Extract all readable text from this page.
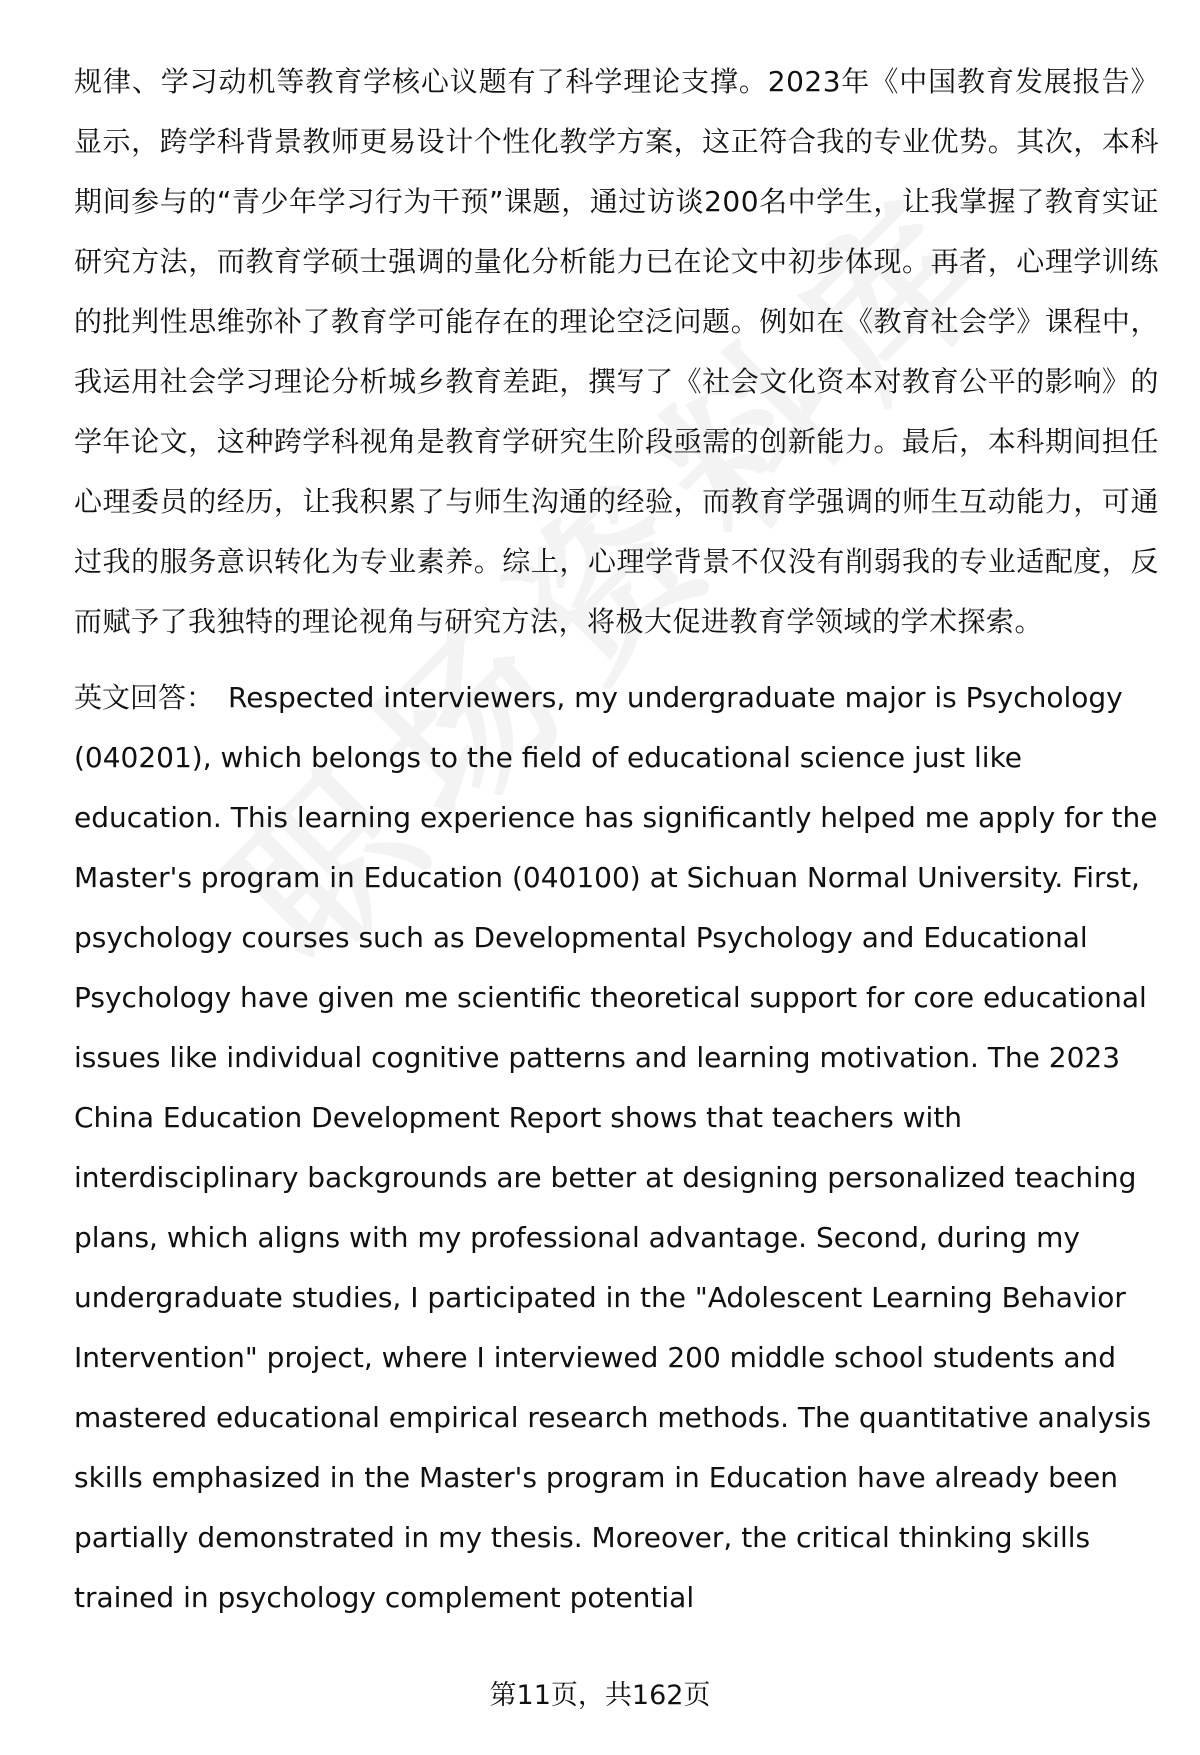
规律、学习动机等教育学核心议题有了科学理论支撑。2023年《中国教育发展报告》显示，跨学科背景教师更易设计个性化教学方案，这正符合我的专业优势。其次，本科期间参与的“青少年学习行为干预”课题，通过访谈200名中学生，让我掌握了教育实证研究方法，而教育学硕士强调的量化分析能力已在论文中初步体现。再者，心理学训练的批判性思维弥补了教育学可能存在的理论空泛问题。例如在《教育社会学》课程中，我运用社会学习理论分析城乡教育差距，撰写了《社会文化资本对教育公平的影响》的学年论文，这种跨学科视角是教育学研究生阶段亟需的创新能力。最后，本科期间担任心理委员的经历，让我积累了与师生沟通的经验，而教育学强调的师生互动能力，可通过我的服务意识转化为专业素养。综上，心理学背景不仅没有削弱我的专业适配度，反而赋予了我独特的理论视角与研究方法，将极大促进教育学领域的学术探索。

英文回答： Respected interviewers, my undergraduate major is Psychology (040201), which belongs to the field of educational science just like education. This learning experience has significantly helped me apply for the Master's program in Education (040100) at Sichuan Normal University. First, psychology courses such as Developmental Psychology and Educational Psychology have given me scientific theoretical support for core educational issues like individual cognitive patterns and learning motivation. The 2023 China Education Development Report shows that teachers with interdisciplinary backgrounds are better at designing personalized teaching plans, which aligns with my professional advantage. Second, during my undergraduate studies, I participated in the "Adolescent Learning Behavior Intervention" project, where I interviewed 200 middle school students and mastered educational empirical research methods. The quantitative analysis skills emphasized in the Master's program in Education have already been partially demonstrated in my thesis. Moreover, the critical thinking skills trained in psychology complement potential

第11页，共162页
